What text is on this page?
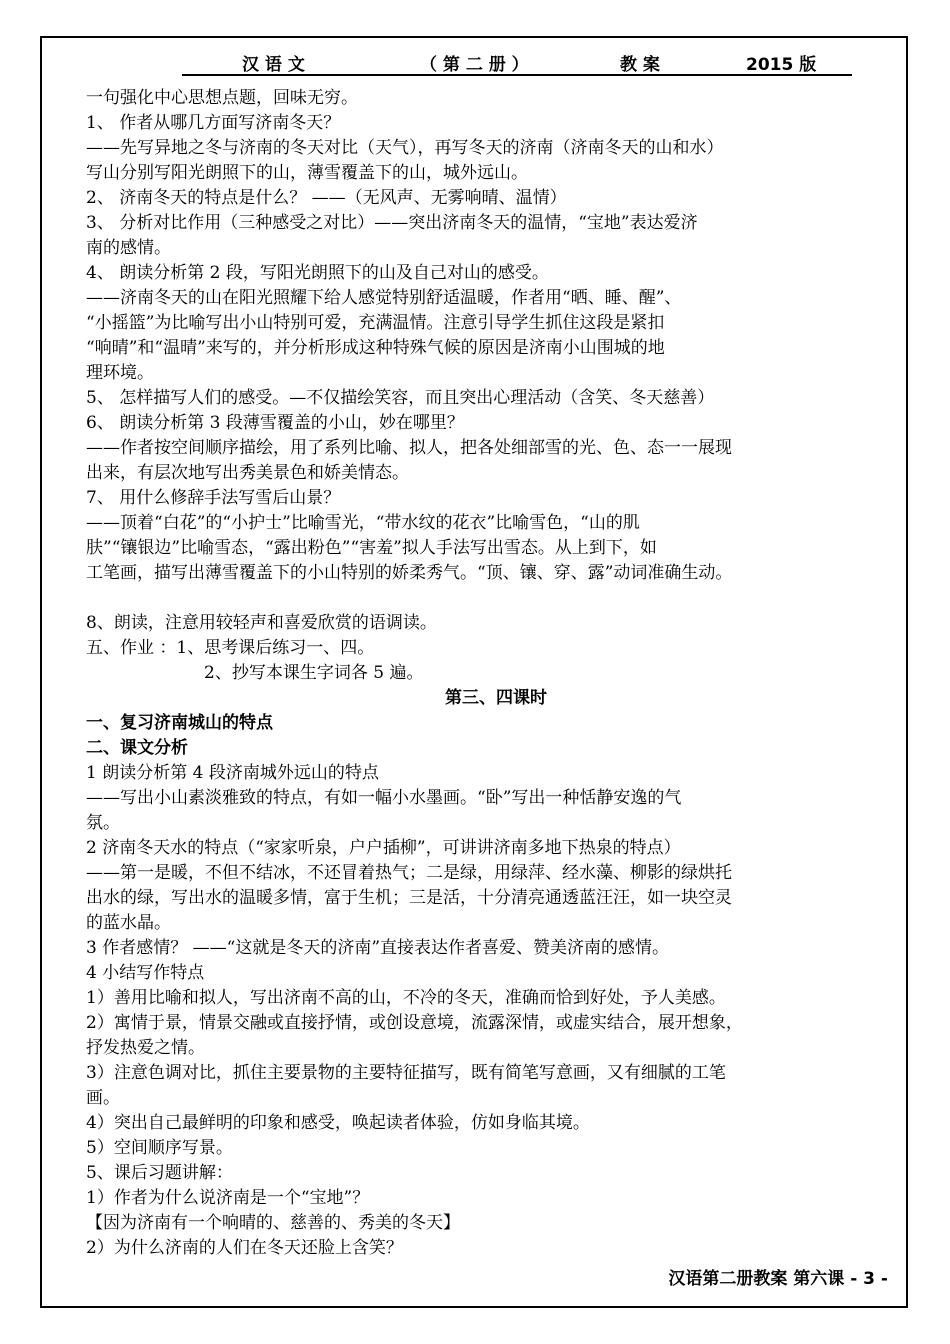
汉 语 文	（ 第 二 册 ）	教 案	2015 版

一句强化中心思想点题，回味无穷。

1、 作者从哪几方面写济南冬天？

——先写异地之冬与济南的冬天对比（天气），再写冬天的济南（济南冬天的山和水）

写山分别写阳光朗照下的山，薄雪覆盖下的山，城外远山。

2、 济南冬天的特点是什么？ ——（无风声、无雾响晴、温情）

3、 分析对比作用（三种感受之对比）——突出济南冬天的温情，“宝地”表达爱济

南的感情。

4、 朗读分析第 2 段，写阳光朗照下的山及自己对山的感受。

——济南冬天的山在阳光照耀下给人感觉特别舒适温暖，作者用“晒、睡、醒”、

“小摇篮”为比喻写出小山特别可爱，充满温情。注意引导学生抓住这段是紧扣

“响晴”和“温晴”来写的，并分析形成这种特殊气候的原因是济南小山围城的地

理环境。

5、 怎样描写人们的感受。—不仅描绘笑容，而且突出心理活动（含笑、冬天慈善）

6、 朗读分析第 3 段薄雪覆盖的小山，妙在哪里？

——作者按空间顺序描绘，用了系列比喻、拟人，把各处细部雪的光、色、态一一展现

出来，有层次地写出秀美景色和娇美情态。

7、 用什么修辞手法写雪后山景？

——顶着“白花”的“小护士”比喻雪光，“带水纹的花衣”比喻雪色，“山的肌

肤”“镶银边”比喻雪态，“露出粉色”“害羞”拟人手法写出雪态。从上到下，如

工笔画，描写出薄雪覆盖下的小山特别的娇柔秀气。“顶、镶、穿、露”动词准确生动。

8、朗读，注意用较轻声和喜爱欣赏的语调读。

五、作业 ：1、思考课后练习一、四。

2、抄写本课生字词各 5 遍。

第三、四课时

一、复习济南城山的特点

二、课文分析

1 朗读分析第 4 段济南城外远山的特点

——写出小山素淡雅致的特点，有如一幅小水墨画。“卧”写出一种恬静安逸的气

氛。

2 济南冬天水的特点（“家家听泉，户户插柳”，可讲讲济南多地下热泉的特点）

——第一是暖，不但不结冰，不还冒着热气；二是绿，用绿萍、经水藻、柳影的绿烘托

出水的绿，写出水的温暖多情，富于生机；三是活，十分清亮通透蓝汪汪，如一块空灵

的蓝水晶。

3 作者感情？ ——“这就是冬天的济南”直接表达作者喜爱、赞美济南的感情。

4 小结写作特点

1）善用比喻和拟人，写出济南不高的山，不冷的冬天，准确而恰到好处，予人美感。

2）寓情于景，情景交融或直接抒情，或创设意境，流露深情，或虚实结合，展开想象，

抒发热爱之情。

3）注意色调对比，抓住主要景物的主要特征描写，既有简笔写意画，又有细腻的工笔

画。

4）突出自己最鲜明的印象和感受，唤起读者体验，仿如身临其境。

5）空间顺序写景。

5、课后习题讲解：

1）作者为什么说济南是一个“宝地”？

【因为济南有一个响晴的、慈善的、秀美的冬天】

2）为什么济南的人们在冬天还脸上含笑？

汉语第二册教案 第六课 - 3 -
